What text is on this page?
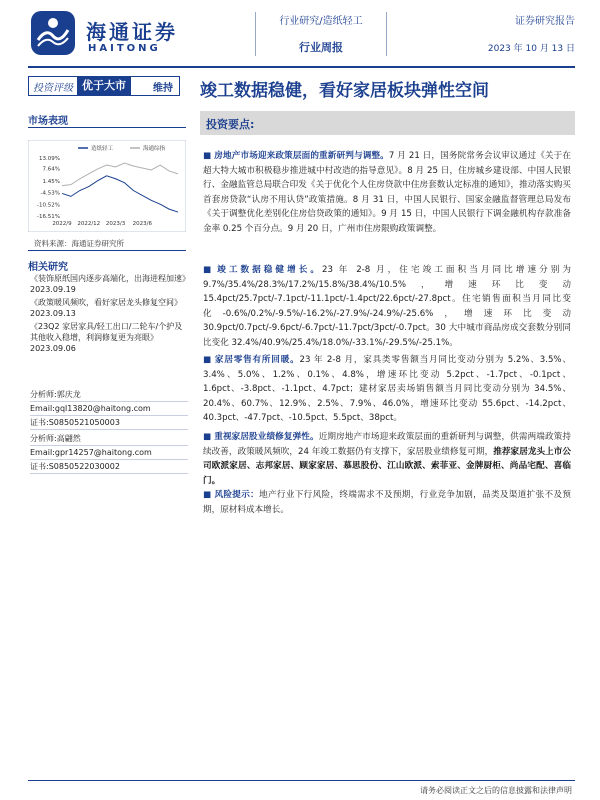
海通证券
HAITONG
行业研究/造纸轻工
行业周报
证券研究报告
2023 年 10 月 13 日
投资评级 优于大市	维持	竣工数据稳健，看好家居板块弹性空间
市场表现
造纸轻工	海通综指
13.09%
7.64%
1.45%
-4.53%
-10.52%
-16.51%
2022/9 2022/12 2023/3 2023/6
资料来源：海通证券研究所
相关研究
《装饰原纸国内逐步高端化，出海进程加速》
2023.09.19
《政策暖风频吹，看好家居龙头修复空间》
2023.09.13
《23Q2 家居家具/轻工出口/二轮车/个护及其他收入稳增，利润修复更为亮眼》
2023.09.06
分析师:郭庆龙
Email:gql13820@haitong.com
证书:S0850521050003
分析师:高翩然
Email:gpr14257@haitong.com
证书:S0850522030002
投资要点:
■ 房地产市场迎来政策层面的重新研判与调整。7 月 21 日，国务院常务会议审议通过《关于在超大特大城市积极稳步推进城中村改造的指导意见》。8 月 25 日，住房城乡建设部、中国人民银行、金融监管总局联合印发《关于优化个人住房贷款中住房套数认定标准的通知》，推动落实购买首套房贷款“认房不用认贷”政策措施。8 月 31 日，中国人民银行、国家金融监督管理总局发布《关于调整优化差别化住房信贷政策的通知》。9 月 15 日，中国人民银行下调金融机构存款准备金率 0.25 个百分点。9 月 20 日，广州市住房限购政策调整。
■ 竣工数据稳健增长。23 年 2-8 月，住宅竣工面积当月同比增速分别为 9.7%/35.4%/28.3%/17.2%/15.8%/38.4%/10.5%，增速环比变动 15.4pct/25.7pct/-7.1pct/-11.1pct/-1.4pct/22.6pct/-27.8pct。住宅销售面积当月同比变化-0.6%/0.2%/-9.5%/-16.2%/-27.9%/-24.9%/-25.6%，增速环比变动 30.9pct/0.7pct/-9.6pct/-6.7pct/-11.7pct/3pct/-0.7pct。30 大中城市商品房成交套数分别同比变化 32.4%/40.9%/25.4%/18.0%/-33.1%/-29.5%/-25.1%。
■ 家居零售有所回暖。23 年 2-8 月，家具类零售额当月同比变动分别为 5.2%、3.5%、3.4%、5.0%、1.2%、0.1%、4.8%，增速环比变动 5.2pct、-1.7pct、-0.1pct、1.6pct、-3.8pct、-1.1pct、4.7pct；建材家居卖场销售额当月同比变动分别为 34.5%、20.4%、60.7%、12.9%、2.5%、7.9%、46.0%，增速环比变动 55.6pct、-14.2pct、40.3pct、-47.7pct、-10.5pct、5.5pct、38pct。
■ 重视家居股业绩修复弹性。近期房地产市场迎来政策层面的重新研判与调整，供需两端政策持续改善，政策暖风频吹，24 年竣工数据仍有支撑下，家居股业绩修复可期，推荐家居龙头上市公司欧派家居、志邦家居、顾家家居、慕思股份、江山欧派、索菲亚、金牌厨柜、尚品宅配、喜临门。
■ 风险提示：地产行业下行风险，终端需求不及预期，行业竞争加剧，品类及渠道扩张不及预期，原材料成本增长。
请务必阅读正文之后的信息披露和法律声明
